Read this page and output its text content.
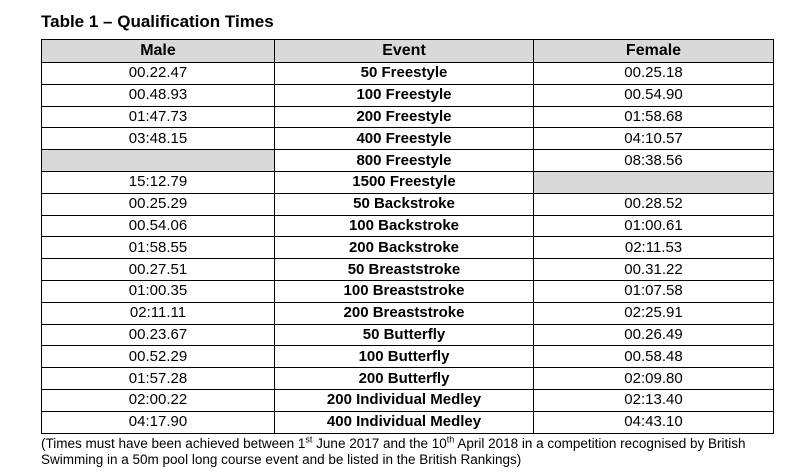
Table 1 – Qualification Times
Male	Event	Female
00.22.47	50 Freestyle	00.25.18
00.48.93	100 Freestyle	00.54.90
01:47.73	200 Freestyle	01:58.68
03:48.15	400 Freestyle	04:10.57
	800 Freestyle	08:38.56
15:12.79	1500 Freestyle	
00.25.29	50 Backstroke	00.28.52
00.54.06	100 Backstroke	01:00.61
01:58.55	200 Backstroke	02:11.53
00.27.51	50 Breaststroke	00.31.22
01:00.35	100 Breaststroke	01:07.58
02:11.11	200 Breaststroke	02:25.91
00.23.67	50 Butterfly	00.26.49
00.52.29	100 Butterfly	00.58.48
01:57.28	200 Butterfly	02:09.80
02:00.22	200 Individual Medley	02:13.40
04:17.90	400 Individual Medley	04:43.10
(Times must have been achieved between 1st June 2017 and the 10th April 2018 in a competition recognised by British Swimming in a 50m pool long course event and be listed in the British Rankings)
